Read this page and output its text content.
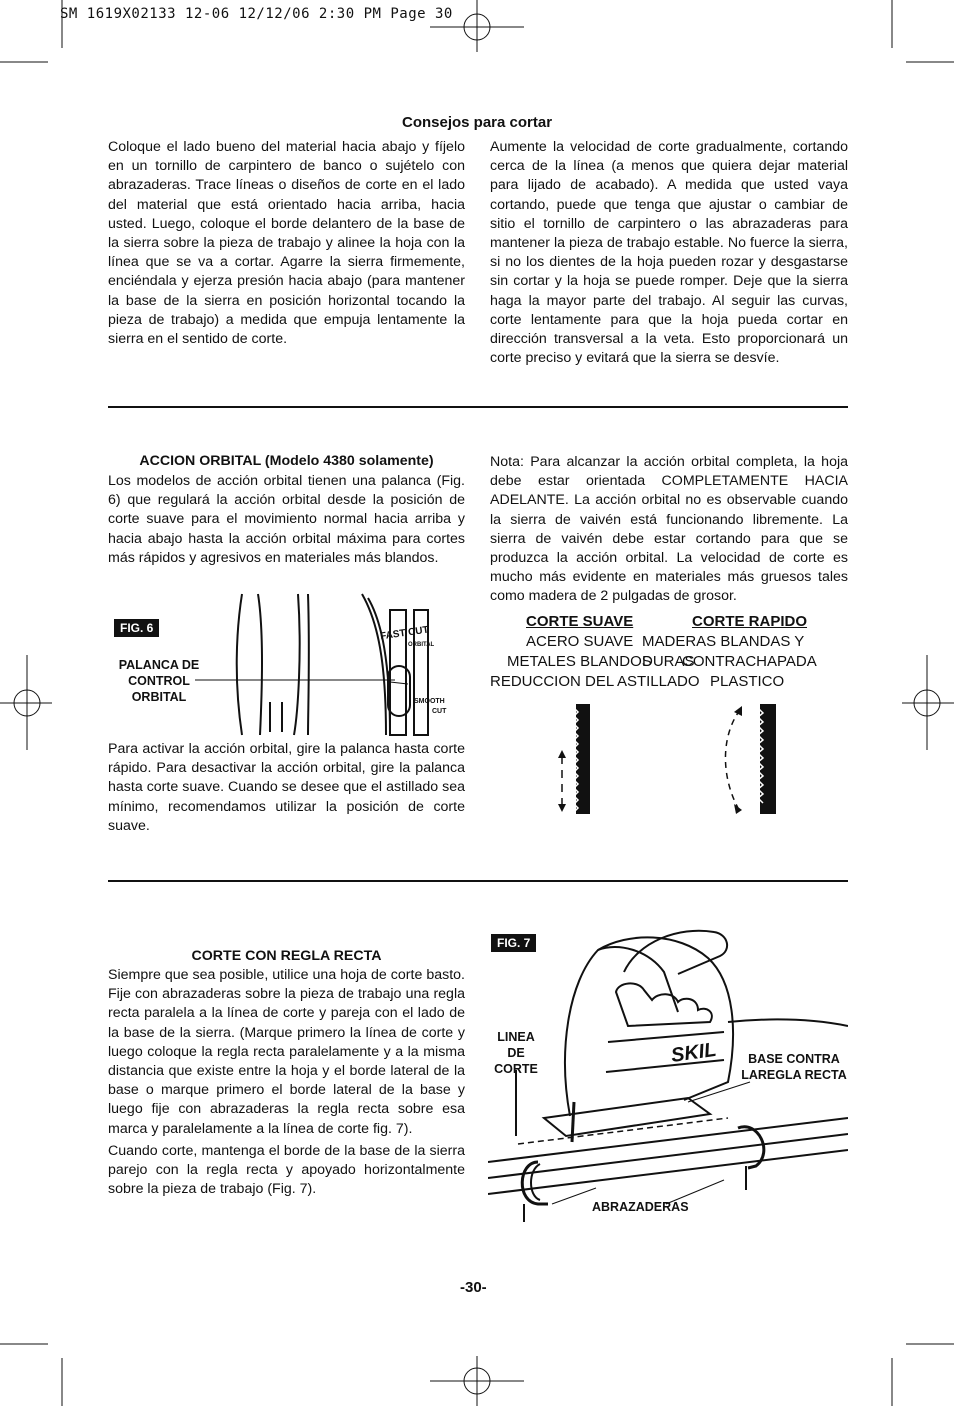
SM 1619X02133 12-06 12/12/06 2:30 PM Page 30
Consejos para cortar
Coloque el lado bueno del material hacia abajo y fíjelo en un tornillo de carpintero de banco o sujételo con abrazaderas. Trace líneas o diseños de corte en el lado del material que está orientado hacia arriba, hacia usted. Luego, coloque el borde delantero de la base de la sierra sobre la pieza de trabajo y alinee la hoja con la línea que se va a cortar. Agarre la sierra firmemente, enciéndala y ejerza presión hacia abajo (para mantener la base de la sierra en posición horizontal tocando la pieza de trabajo) a medida que empuja lentamente la sierra en el sentido de corte.
Aumente la velocidad de corte gradualmente, cortando cerca de la línea (a menos que quiera dejar material para lijado de acabado). A medida que usted vaya cortando, puede que tenga que ajustar o cambiar de sitio el tornillo de carpintero o las abrazaderas para mantener la pieza de trabajo estable. No fuerce la sierra, si no los dientes de la hoja pueden rozar y desgastarse sin cortar y la hoja se puede romper. Deje que la sierra haga la mayor parte del trabajo. Al seguir las curvas, corte lentamente para que la hoja pueda cortar en dirección transversal a la veta. Esto proporcionará un corte preciso y evitará que la sierra se desvíe.
ACCION ORBITAL (Modelo 4380 solamente)
Los modelos de acción orbital tienen una palanca (Fig. 6) que regulará la acción orbital desde la posición de corte suave para el movimiento normal hacia arriba y hacia abajo hasta la acción orbital máxima para cortes más rápidos y agresivos en materiales más blandos.
FIG. 6
PALANCA DE CONTROL ORBITAL
FAST CUT
ORBITAL
SMOOTH
CUT
Para activar la acción orbital, gire la palanca hasta corte rápido. Para desactivar la acción orbital, gire la palanca hasta corte suave. Cuando se desee que el astillado sea mínimo, recomendamos utilizar la posición de corte suave.
Nota: Para alcanzar la acción orbital completa, la hoja debe estar orientada COMPLETAMENTE HACIA ADELANTE. La acción orbital no es observable cuando la sierra de vaivén está funcionando libremente. La sierra de vaivén debe estar cortando para que se produzca la acción orbital. La velocidad de corte es mucho más evidente en materiales más gruesos tales como madera de 2 pulgadas de grosor.
CORTE SUAVE	CORTE RAPIDO
ACERO SUAVE MADERAS BLANDAS Y DURAS
METALES BLANDOS CONTRACHAPADA
REDUCCION DEL ASTILLADO PLASTICO
CORTE CON REGLA RECTA
Siempre que sea posible, utilice una hoja de corte basto. Fije con abrazaderas sobre la pieza de trabajo una regla recta paralela a la línea de corte y pareja con el lado de la base de la sierra. (Marque primero la línea de corte y luego coloque la regla recta paralelamente y a la misma distancia que existe entre la hoja y el borde lateral de la base o marque primero el borde lateral de la base y luego fije con abrazaderas la regla recta sobre esa marca y paralelamente a la línea de corte fig. 7).
Cuando corte, mantenga el borde de la base de la sierra parejo con la regla recta y apoyado horizontalmente sobre la pieza de trabajo (Fig. 7).
FIG. 7
LINEA DE CORTE
BASE CONTRA LAREGLA RECTA
ABRAZADERAS
SKIL
-30-
